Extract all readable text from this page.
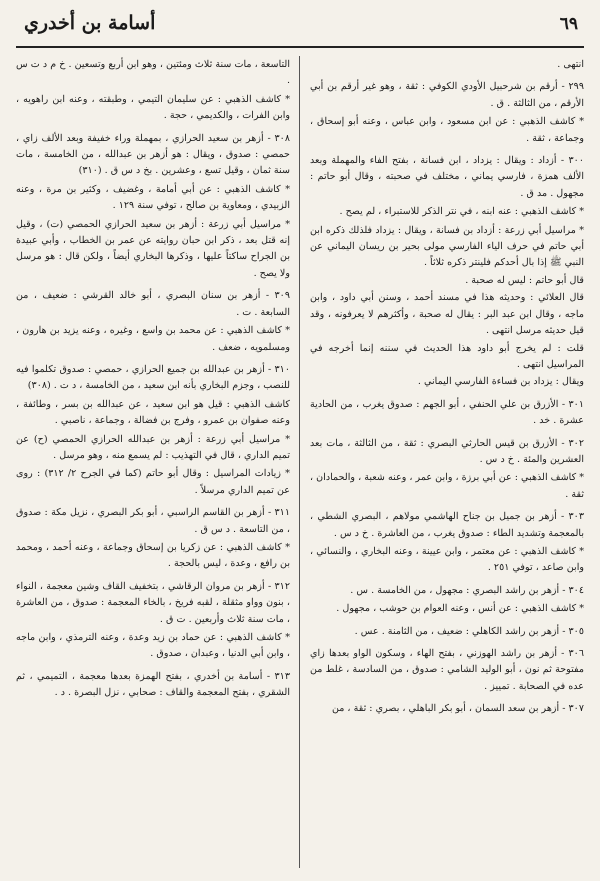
٦٩
أسامة بن أخدري

انتهى .

٢٩٩ - أرقم بن شرحبيل الأودي الكوفي : ثقة ، وهو غير أرقم بن أبي الأرقم ، من الثالثة . ق .

* كاشف الذهبي : عن ابن مسعود ، وابن عباس ، وعنه أبو إسحاق ، وجماعة ، ثقة .

٣٠٠ - أزداد : ويقال : يزداد ، ابن فسانة ، بفتح الفاء والمهملة وبعد الألف همزة ، فارسي يماني ، مختلف في صحبته ، وقال أبو حاتم : مجهول . مد ق .

* كاشف الذهبي : عنه ابنه ، في نتر الذكر للاستبراء ، لم يصح .

* مراسيل أبي زرعة : أزداد بن فسانة ، ويقال : يزداد فلذلك ذكره ابن أبي حاتم في حرف الياء الفارسي مولى بحير بن ريسان اليماني عن النبي ﷺ إذا بال أحدكم فلينتر ذكره ثلاثاً .

قال أبو حاتم : ليس له صحبة .

قال العلائي : وحديثه هذا في مسند أحمد ، وسنن أبي داود ، وابن ماجه ، وقال ابن عبد البر : يقال له صحبة ، وأكثرهم لا يعرفونه ، وقد قيل حديثه مرسل انتهى .

قلت : لم يخرج أبو داود هذا الحديث في سننه إنما أخرجه في المراسيل انتهى .

ويقال : يزداد بن فساءة الفارسي اليماني .

٣٠١ - الأزرق بن علي الحنفي ، أبو الجهم : صدوق يغرب ، من الحادية عشرة . خد .

٣٠٢ - الأزرق بن قيس الحارثي البصري : ثقة ، من الثالثة ، مات بعد العشرين والمئة . خ د س .

* كاشف الذهبي : عن أبي برزة ، وابن عمر ، وعنه شعبة ، والحمادان ، ثقة .

٣٠٣ - أزهر بن جميل بن جناح الهاشمي مولاهم ، البصري الشطي ، بالمعجمة وتشديد الطاء : صدوق يغرب ، من العاشرة . خ د س .

* كاشف الذهبي : عن معتمر ، وابن عيينة ، وعنه البخاري ، والنسائي ، وابن صاعد ، توفي ٢٥١ .

٣٠٤ - أزهر بن راشد البصري : مجهول ، من الخامسة . س .

* كاشف الذهبي : عن أنس ، وعنه العوام بن حوشب ، مجهول .

٣٠٥ - أزهر بن راشد الكاهلي : ضعيف ، من الثامنة . عس .

٣٠٦ - أزهر بن راشد الهوزني ، بفتح الهاء ، وسكون الواو بعدها زاي مفتوحة ثم نون ، أبو الوليد الشامي : صدوق ، من السادسة ، غلط من عده في الصحابة . تمييز .

٣٠٧ - أزهر بن سعد السمان ، أبو بكر الباهلي ، بصري : ثقة ، من

التاسعة ، مات سنة ثلاث ومئتين ، وهو ابن أربع وتسعين . خ م د ت س .

* كاشف الذهبي : عن سليمان التيمي ، وطبقته ، وعنه ابن راهويه ، وابن الفرات ، والكديمي ، حجة .

٣٠٨ - أزهر بن سعيد الحرازي ، بمهملة وراء خفيفة وبعد الألف زاي ، حمصي : صدوق ، ويقال : هو أزهر بن عبدالله ، من الخامسة ، مات سنة ثمان ، وقيل تسع ، وعشرين . بخ د س ق . (٣١٠)

* كاشف الذهبي : عن أبي أمامة ، وغضيف ، وكثير بن مرة ، وعنه الزبيدي ، ومعاوية بن صالح ، توفي سنة ١٢٩ .

* مراسيل أبي زرعة : أزهر بن سعيد الحرازي الحمصي (ت) ، وقيل إنه قتل بعد ، ذكر ابن حبان روايته عن عمر بن الخطاب ، وأبي عبيدة بن الجراح ساكتاً عليها ، وذكرها البخاري أيضاً ، ولكن قال : هو مرسل ولا يصح .

٣٠٩ - أزهر بن سنان البصري ، أبو خالد القرشي : ضعيف ، من السابعة . ت .

* كاشف الذهبي : عن محمد بن واسع ، وغيره ، وعنه يزيد بن هارون ، ومسلمويه ، ضعف .

٣١٠ - أزهر بن عبدالله بن جميع الحرازي ، حمصي : صدوق تكلموا فيه للنصب ، وجزم البخاري بأنه ابن سعيد ، من الخامسة ، د ت . (٣٠٨)

كاشف الذهبي : قيل هو ابن سعيد ، عن عبدالله بن بسر ، وطائفة ، وعنه صفوان بن عمرو ، وفرج بن فضالة ، وجماعة ، ناصبي .

* مراسيل أبي زرعة : أزهر بن عبدالله الحرازي الحمصي (ح) عن تميم الداري ، قال في التهذيب : لم يسمع منه ، وهو مرسل .

* زيادات المراسيل : وقال أبو حاتم (كما في الجرح ٢/ ٣١٢) : روى عن تميم الداري مرسلاً .

٣١١ - أزهر بن القاسم الراسبي ، أبو بكر البصري ، نزيل مكة : صدوق ، من التاسعة . د س ق .

* كاشف الذهبي : عن زكريا بن إسحاق وجماعة ، وعنه أحمد ، ومحمد بن رافع ، وعدة ، ليس بالحجة .

٣١٢ - أزهر بن مروان الرقاشي ، بتخفيف القاف وشين معجمة ، النواء ، بنون وواو مثقلة ، لقبه فريخ ، بالخاء المعجمة : صدوق ، من العاشرة ، مات سنة ثلاث وأربعين . ت ق .

* كاشف الذهبي : عن حماد بن زيد وعدة ، وعنه الترمذي ، وابن ماجه ، وابن أبي الدنيا ، وعبدان ، صدوق .

٣١٣ - أسامة بن أخدري ، بفتح الهمزة بعدها معجمة ، التميمي ، ثم الشقري ، بفتح المعجمة والقاف : صحابي ، نزل البصرة . د .
